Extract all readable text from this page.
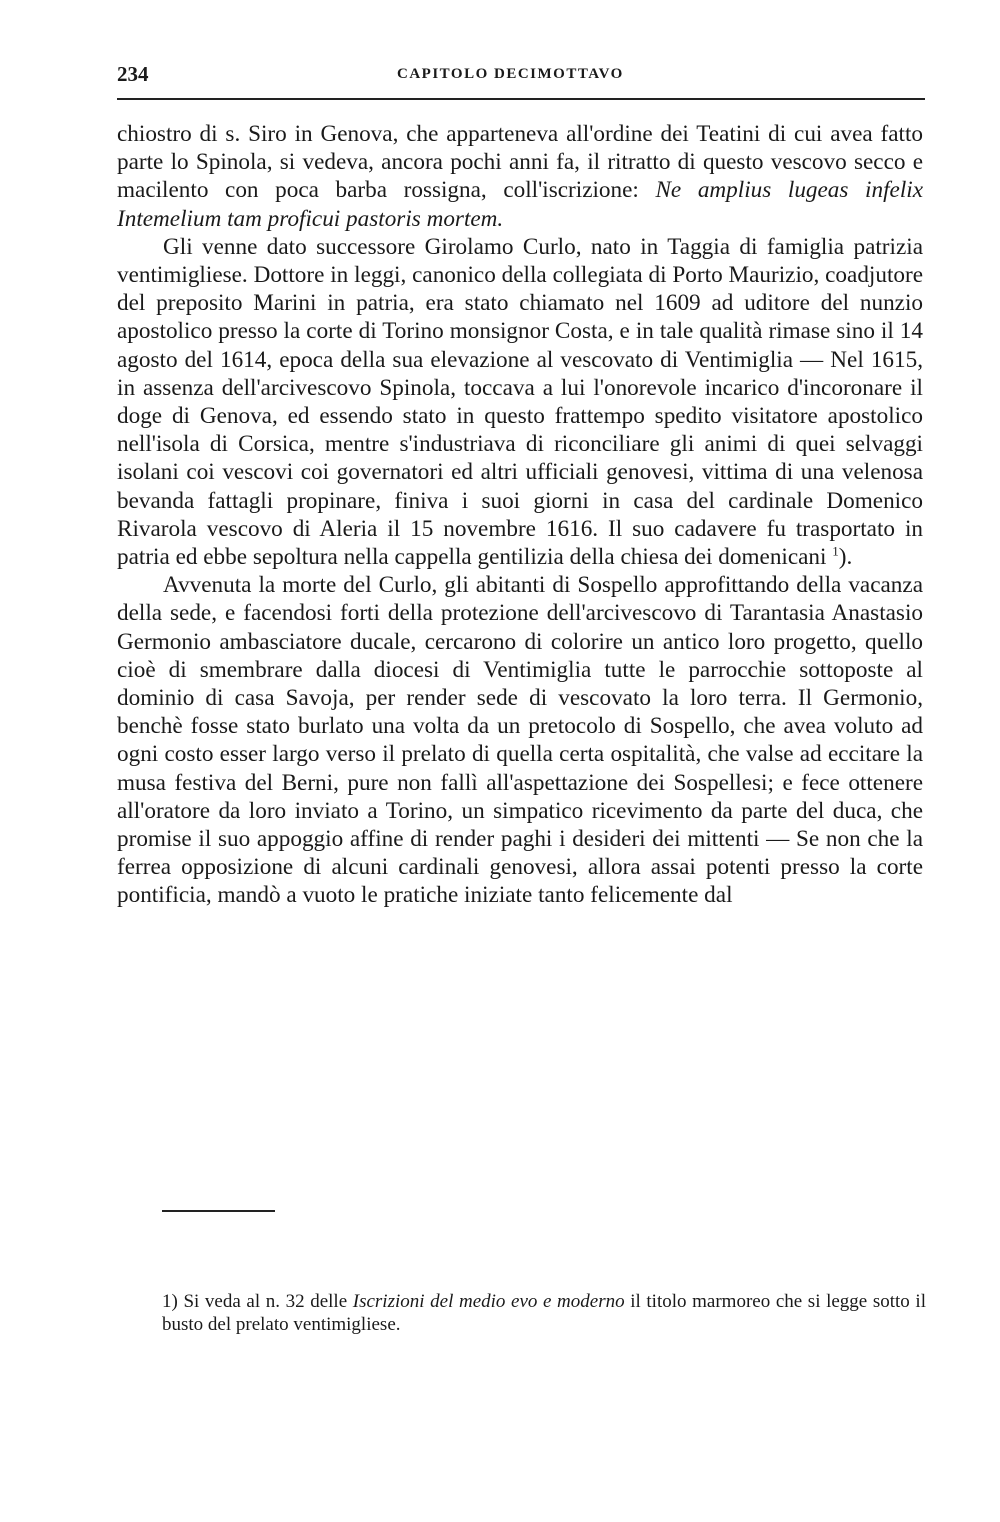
234	CAPITOLO DECIMOTTAVO

chiostro di s. Siro in Genova, che apparteneva all'ordine dei Teatini di cui avea fatto parte lo Spinola, si vedeva, ancora pochi anni fa, il ritratto di questo vescovo secco e macilento con poca barba rossigna, coll'iscrizione: Ne amplius lugeas infelix Intemelium tam proficui pastoris mortem.

Gli venne dato successore Girolamo Curlo, nato in Taggia di famiglia patrizia ventimigliese. Dottore in leggi, canonico della collegiata di Porto Maurizio, coadjutore del preposito Marini in patria, era stato chiamato nel 1609 ad uditore del nunzio apostolico presso la corte di Torino monsignor Costa, e in tale qualità rimase sino il 14 agosto del 1614, epoca della sua elevazione al vescovato di Ventimiglia — Nel 1615, in assenza dell'arcivescovo Spinola, toccava a lui l'onorevole incarico d'incoronare il doge di Genova, ed essendo stato in questo frattempo spedito visitatore apostolico nell'isola di Corsica, mentre s'industriava di riconciliare gli animi di quei selvaggi isolani coi vescovi coi governatori ed altri ufficiali genovesi, vittima di una velenosa bevanda fattagli propinare, finiva i suoi giorni in casa del cardinale Domenico Rivarola vescovo di Aleria il 15 novembre 1616. Il suo cadavere fu trasportato in patria ed ebbe sepoltura nella cappella gentilizia della chiesa dei domenicani $^1$).

Avvenuta la morte del Curlo, gli abitanti di Sospello approfittando della vacanza della sede, e facendosi forti della protezione dell'arcivescovo di Tarantasia Anastasio Germonio ambasciatore ducale, cercarono di colorire un antico loro progetto, quello cioè di smembrare dalla diocesi di Ventimiglia tutte le parrocchie sottoposte al dominio di casa Savoja, per render sede di vescovato la loro terra. Il Germonio, benchè fosse stato burlato una volta da un pretocolo di Sospello, che avea voluto ad ogni costo esser largo verso il prelato di quella certa ospitalità, che valse ad eccitare la musa festiva del Berni, pure non fallì all'aspettazione dei Sospellesi; e fece ottenere all'oratore da loro inviato a Torino, un simpatico ricevimento da parte del duca, che promise il suo appoggio affine di render paghi i desideri dei mittenti — Se non che la ferrea opposizione di alcuni cardinali genovesi, allora assai potenti presso la corte pontificia, mandò a vuoto le pratiche iniziate tanto felicemente dal

1) Si veda al n. 32 delle Iscrizioni del medio evo e moderno il titolo marmoreo che si legge sotto il busto del prelato ventimigliese.
